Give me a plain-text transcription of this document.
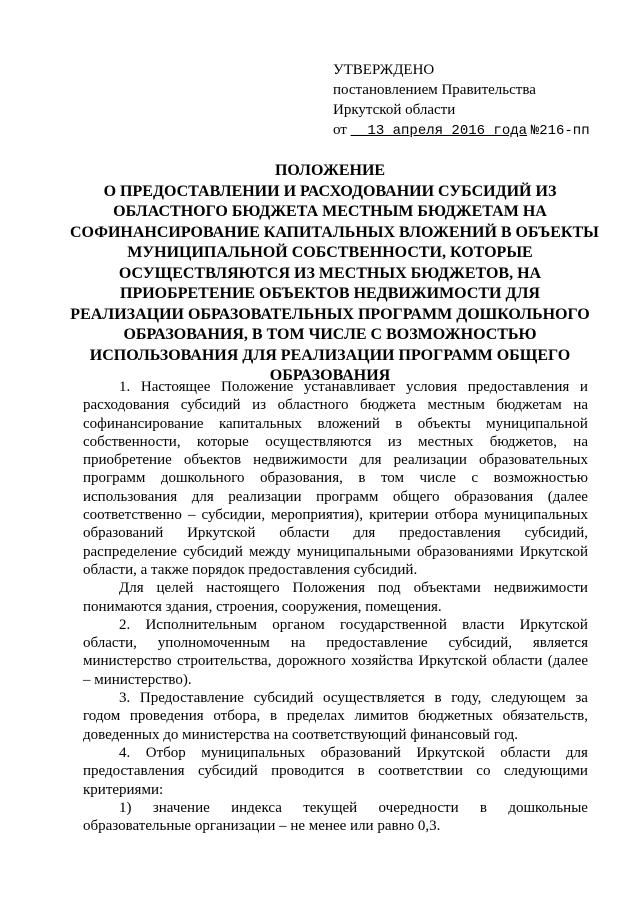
УТВЕРЖДЕНО
постановлением Правительства
Иркутской области
от __13 апреля 2016 года №216-пп
ПОЛОЖЕНИЕ
О ПРЕДОСТАВЛЕНИИ И РАСХОДОВАНИИ СУБСИДИЙ ИЗ
ОБЛАСТНОГО БЮДЖЕТА МЕСТНЫМ БЮДЖЕТАМ НА
СОФИНАНСИРОВАНИЕ КАПИТАЛЬНЫХ ВЛОЖЕНИЙ В ОБЪЕКТЫ
МУНИЦИПАЛЬНОЙ СОБСТВЕННОСТИ, КОТОРЫЕ
ОСУЩЕСТВЛЯЮТСЯ ИЗ МЕСТНЫХ БЮДЖЕТОВ, НА
ПРИОБРЕТЕНИЕ ОБЪЕКТОВ НЕДВИЖИМОСТИ ДЛЯ
РЕАЛИЗАЦИИ ОБРАЗОВАТЕЛЬНЫХ ПРОГРАММ ДОШКОЛЬНОГО
ОБРАЗОВАНИЯ, В ТОМ ЧИСЛЕ С ВОЗМОЖНОСТЬЮ
ИСПОЛЬЗОВАНИЯ ДЛЯ РЕАЛИЗАЦИИ ПРОГРАММ ОБЩЕГО
ОБРАЗОВАНИЯ
1. Настоящее Положение устанавливает условия предоставления и
расходования субсидий из областного бюджета местным бюджетам на
софинансирование капитальных вложений в объекты муниципальной
собственности, которые осуществляются из местных бюджетов, на
приобретение объектов недвижимости для реализации образовательных
программ дошкольного образования, в том числе с возможностью
использования для реализации программ общего образования (далее
соответственно – субсидии, мероприятия), критерии отбора муниципальных
образований Иркутской области для предоставления субсидий,
распределение субсидий между муниципальными образованиями Иркутской
области, а также порядок предоставления субсидий.
Для целей настоящего Положения под объектами недвижимости
понимаются здания, строения, сооружения, помещения.
2. Исполнительным органом государственной власти Иркутской
области, уполномоченным на предоставление субсидий, является
министерство строительства, дорожного хозяйства Иркутской области (далее
– министерство).
3. Предоставление субсидий осуществляется в году, следующем за
годом проведения отбора, в пределах лимитов бюджетных обязательств,
доведенных до министерства на соответствующий финансовый год.
4. Отбор муниципальных образований Иркутской области для
предоставления субсидий проводится в соответствии со следующими
критериями:
1) значение индекса текущей очередности в дошкольные
образовательные организации – не менее или равно 0,3.
